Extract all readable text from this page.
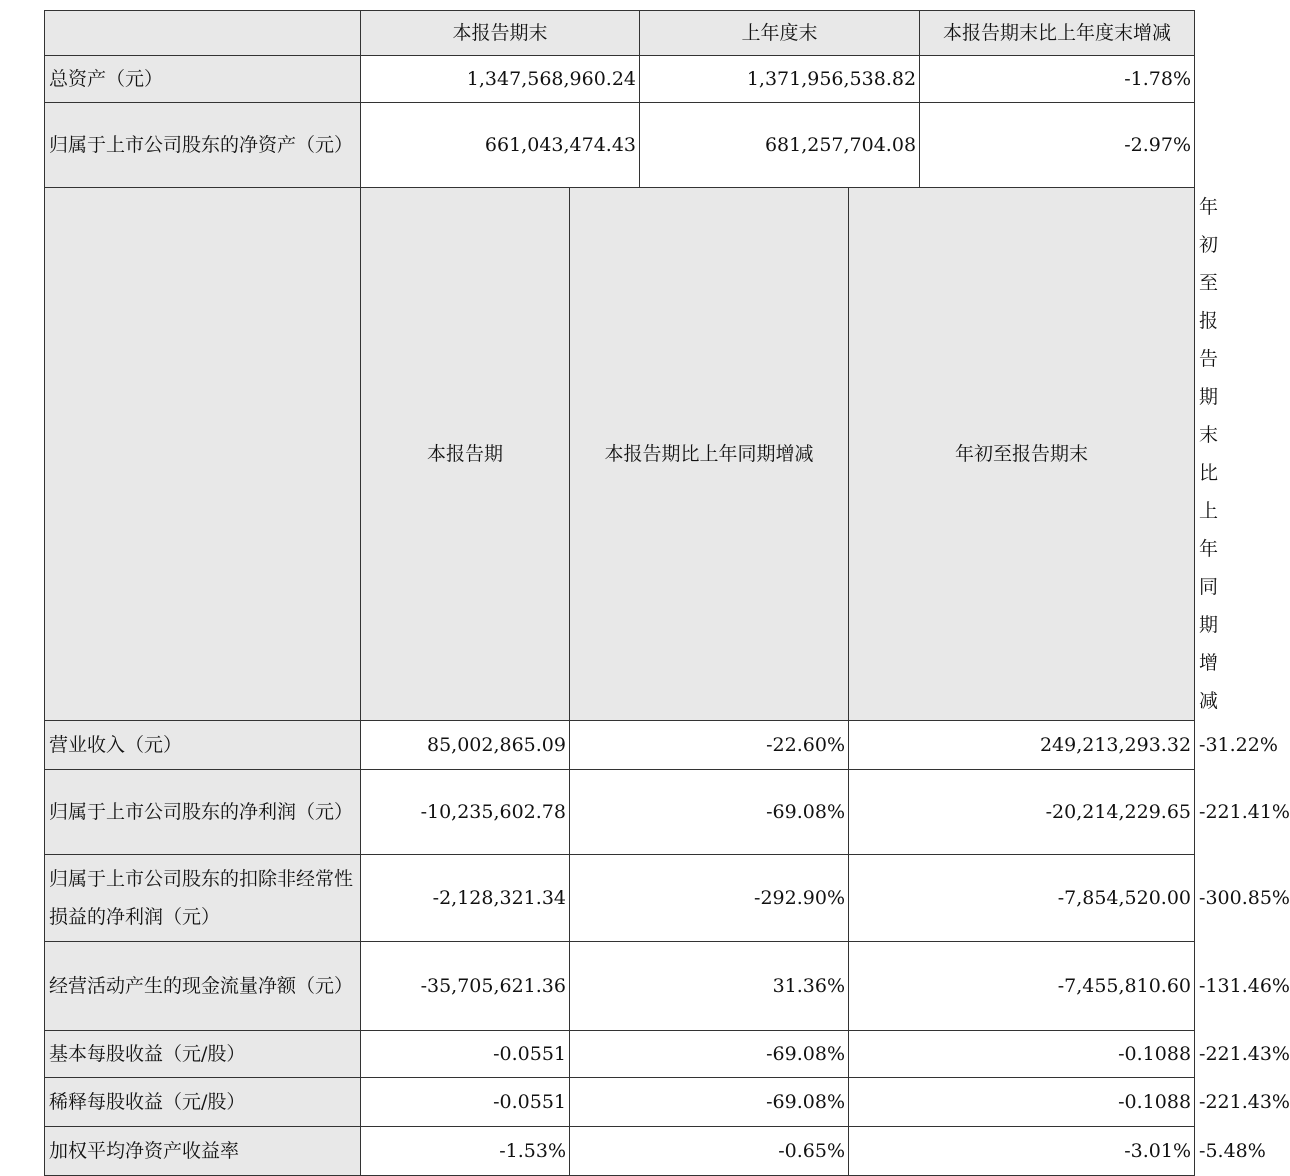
	本报告期末		上年度末		本报告期末比上年度末增减	
总资产（元）	1,347,568,960.24		1,371,956,538.82		-1.78%	

归属于上市公司股东的净资产（元）	661,043,474.43		681,257,704.08		-2.97%	
	本报告期	本报告期比上年同期增减		年初至报告期末		年初至报告期末比上年同期增减
营业收入（元）	85,002,865.09	-22.60%		249,213,293.32		-31.22%

归属于上市公司股东的净利润（元）	-10,235,602.78	-69.08%		-20,214,229.65		-221.41%

归属于上市公司股东的扣除非经常性损益的净利润（元）	-2,128,321.34	-292.90%		-7,854,520.00		-300.85%

经营活动产生的现金流量净额（元）	-35,705,621.36	31.36%		-7,455,810.60		-131.46%
基本每股收益（元/股）	-0.0551	-69.08%		-0.1088		-221.43%
稀释每股收益（元/股）	-0.0551	-69.08%		-0.1088		-221.43%
加权平均净资产收益率	-1.53%	-0.65%		-3.01%		-5.48%
